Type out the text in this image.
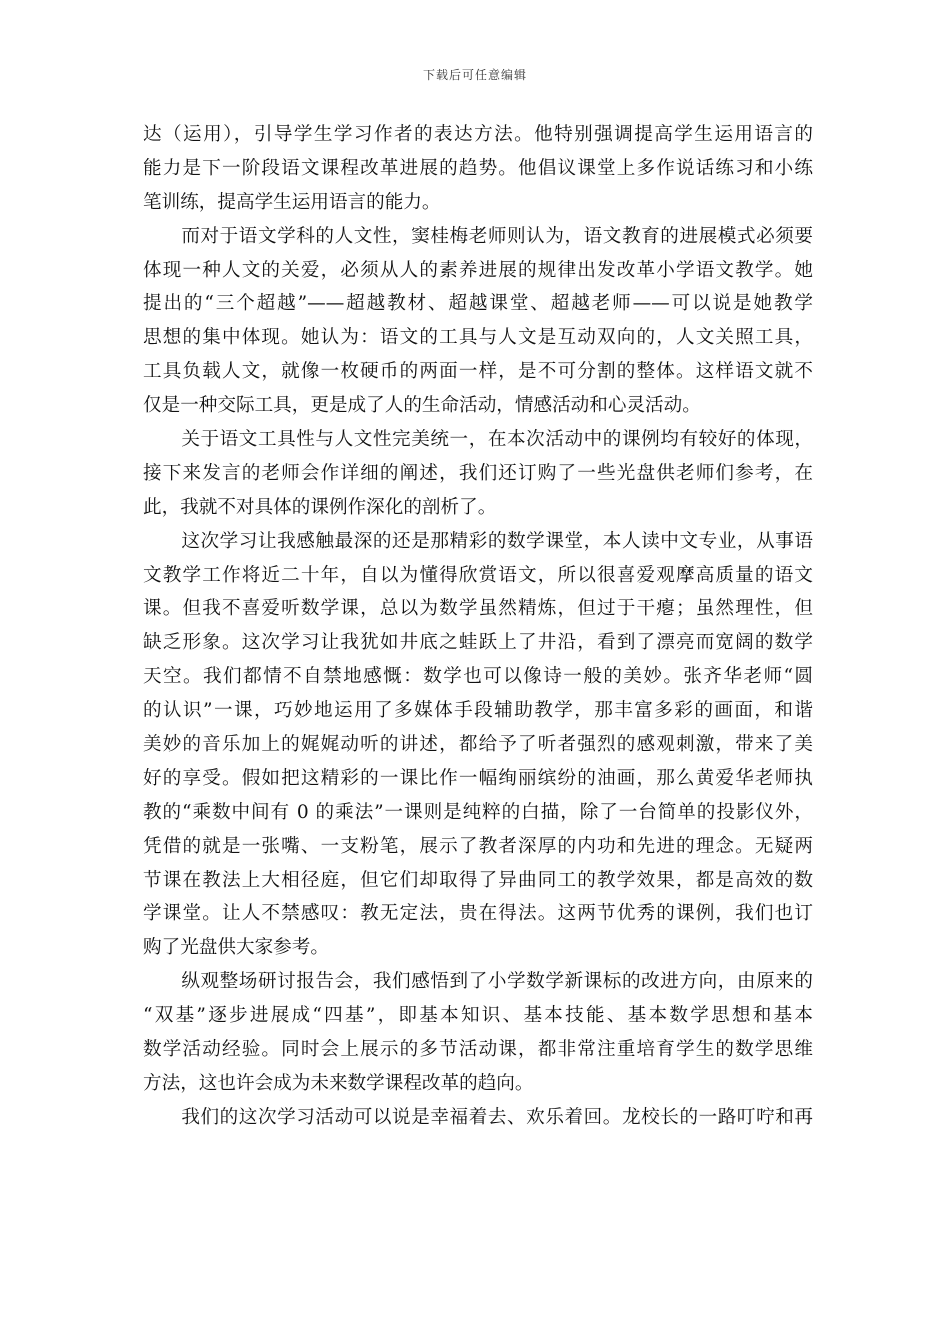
下载后可任意编辑
达（运用），引导学生学习作者的表达方法。他特别强调提高学生运用语言的
能力是下一阶段语文课程改革进展的趋势。他倡议课堂上多作说话练习和小练
笔训练，提高学生运用语言的能力。
　　而对于语文学科的人文性，窦桂梅老师则认为，语文教育的进展模式必须要
体现一种人文的关爱，必须从人的素养进展的规律出发改革小学语文教学。她
提出的“三个超越”——超越教材、超越课堂、超越老师——可以说是她教学
思想的集中体现。她认为：语文的工具与人文是互动双向的，人文关照工具，
工具负载人文，就像一枚硬币的两面一样，是不可分割的整体。这样语文就不
仅是一种交际工具，更是成了人的生命活动，情感活动和心灵活动。
　　关于语文工具性与人文性完美统一，在本次活动中的课例均有较好的体现，
接下来发言的老师会作详细的阐述，我们还订购了一些光盘供老师们参考，在
此，我就不对具体的课例作深化的剖析了。
　　这次学习让我感触最深的还是那精彩的数学课堂，本人读中文专业，从事语
文教学工作将近二十年，自以为懂得欣赏语文，所以很喜爱观摩高质量的语文
课。但我不喜爱听数学课，总以为数学虽然精炼，但过于干瘪；虽然理性，但
缺乏形象。这次学习让我犹如井底之蛙跃上了井沿，看到了漂亮而宽阔的数学
天空。我们都情不自禁地感慨：数学也可以像诗一般的美妙。张齐华老师“圆
的认识”一课，巧妙地运用了多媒体手段辅助教学，那丰富多彩的画面，和谐
美妙的音乐加上的娓娓动听的讲述，都给予了听者强烈的感观刺激，带来了美
好的享受。假如把这精彩的一课比作一幅绚丽缤纷的油画，那么黄爱华老师执
教的“乘数中间有 0 的乘法”一课则是纯粹的白描，除了一台简单的投影仪外，
凭借的就是一张嘴、一支粉笔，展示了教者深厚的内功和先进的理念。无疑两
节课在教法上大相径庭，但它们却取得了异曲同工的教学效果，都是高效的数
学课堂。让人不禁感叹：教无定法，贵在得法。这两节优秀的课例，我们也订
购了光盘供大家参考。
　　纵观整场研讨报告会，我们感悟到了小学数学新课标的改进方向，由原来的
“双基”逐步进展成“四基”，即基本知识、基本技能、基本数学思想和基本
数学活动经验。同时会上展示的多节活动课，都非常注重培育学生的数学思维
方法，这也许会成为未来数学课程改革的趋向。
　　我们的这次学习活动可以说是幸福着去、欢乐着回。龙校长的一路叮咛和再
